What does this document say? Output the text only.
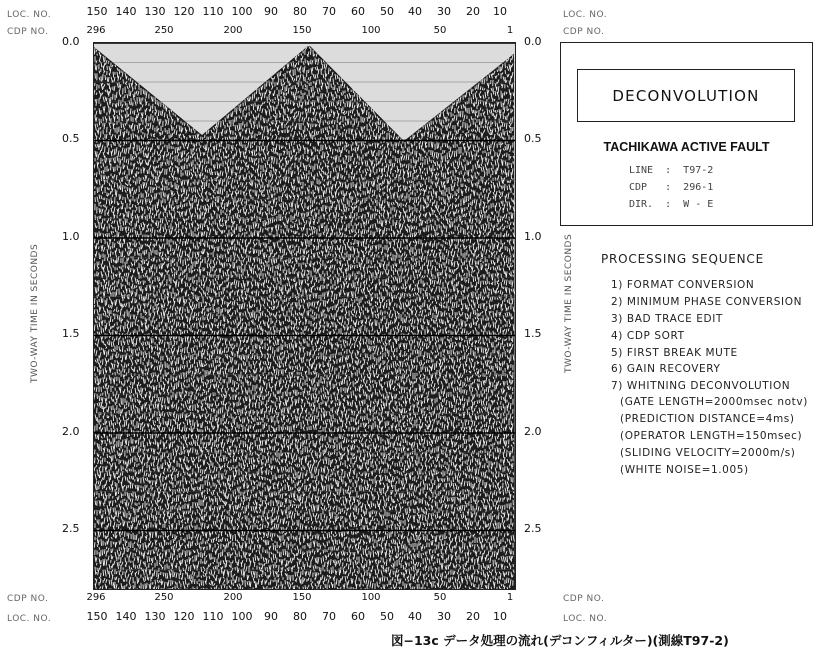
LOC. NO.
CDP NO.
LOC. NO.
CDP NO.
CDP NO.
LOC. NO.
CDP NO.
LOC. NO.
150 140 130 120 110 100 90 80 70 60 50 40 30 20 10
296	250	200	150	100	50	1
296	250	200	150	100	50	1
150 140 130 120 110 100 90 80 70 60 50 40 30 20 10
0.0
0.5
1.0
1.5
2.0
2.5
TWO-WAY TIME IN SECONDS
0.0
0.5
1.0
1.5
2.0
2.5
TWO-WAY TIME IN SECONDS
DECONVOLUTION
TACHIKAWA ACTIVE FAULT
LINE  :  T97-2
CDP   :  296-1
DIR.  :  W - E
PROCESSING SEQUENCE
1) FORMAT CONVERSION
2) MINIMUM PHASE CONVERSION
3) BAD TRACE EDIT
4) CDP SORT
5) FIRST BREAK MUTE
6) GAIN RECOVERY
7) WHITNING DECONVOLUTION
(GATE LENGTH=2000msec notv)
(PREDICTION DISTANCE=4ms)
(OPERATOR LENGTH=150msec)
(SLIDING VELOCITY=2000m/s)
(WHITE NOISE=1.005)
図−13c データ処理の流れ(デコンフィルター)(測線T97-2)
